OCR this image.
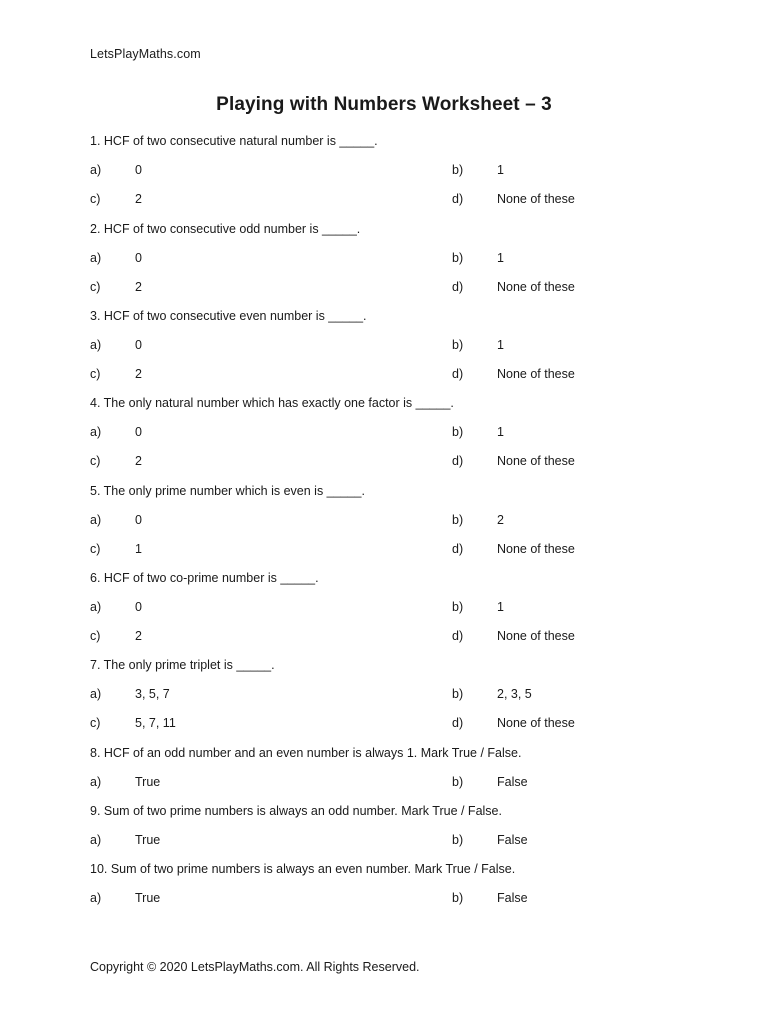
LetsPlayMaths.com
Playing with Numbers Worksheet – 3
1. HCF of two consecutive natural number is _____.
a)	0	b)	1
c)	2	d)	None of these
2. HCF of two consecutive odd number is _____.
a)	0	b)	1
c)	2	d)	None of these
3. HCF of two consecutive even number is _____.
a)	0	b)	1
c)	2	d)	None of these
4. The only natural number which has exactly one factor is _____.
a)	0	b)	1
c)	2	d)	None of these
5. The only prime number which is even is _____.
a)	0	b)	2
c)	1	d)	None of these
6. HCF of two co-prime number is _____.
a)	0	b)	1
c)	2	d)	None of these
7. The only prime triplet is _____.
a)	3, 5, 7	b)	2, 3, 5
c)	5, 7, 11	d)	None of these
8. HCF of an odd number and an even number is always 1. Mark True / False.
a)	True	b)	False
9. Sum of two prime numbers is always an odd number. Mark True / False.
a)	True	b)	False
10. Sum of two prime numbers is always an even number. Mark True / False.
a)	True	b)	False
Copyright © 2020 LetsPlayMaths.com. All Rights Reserved.
